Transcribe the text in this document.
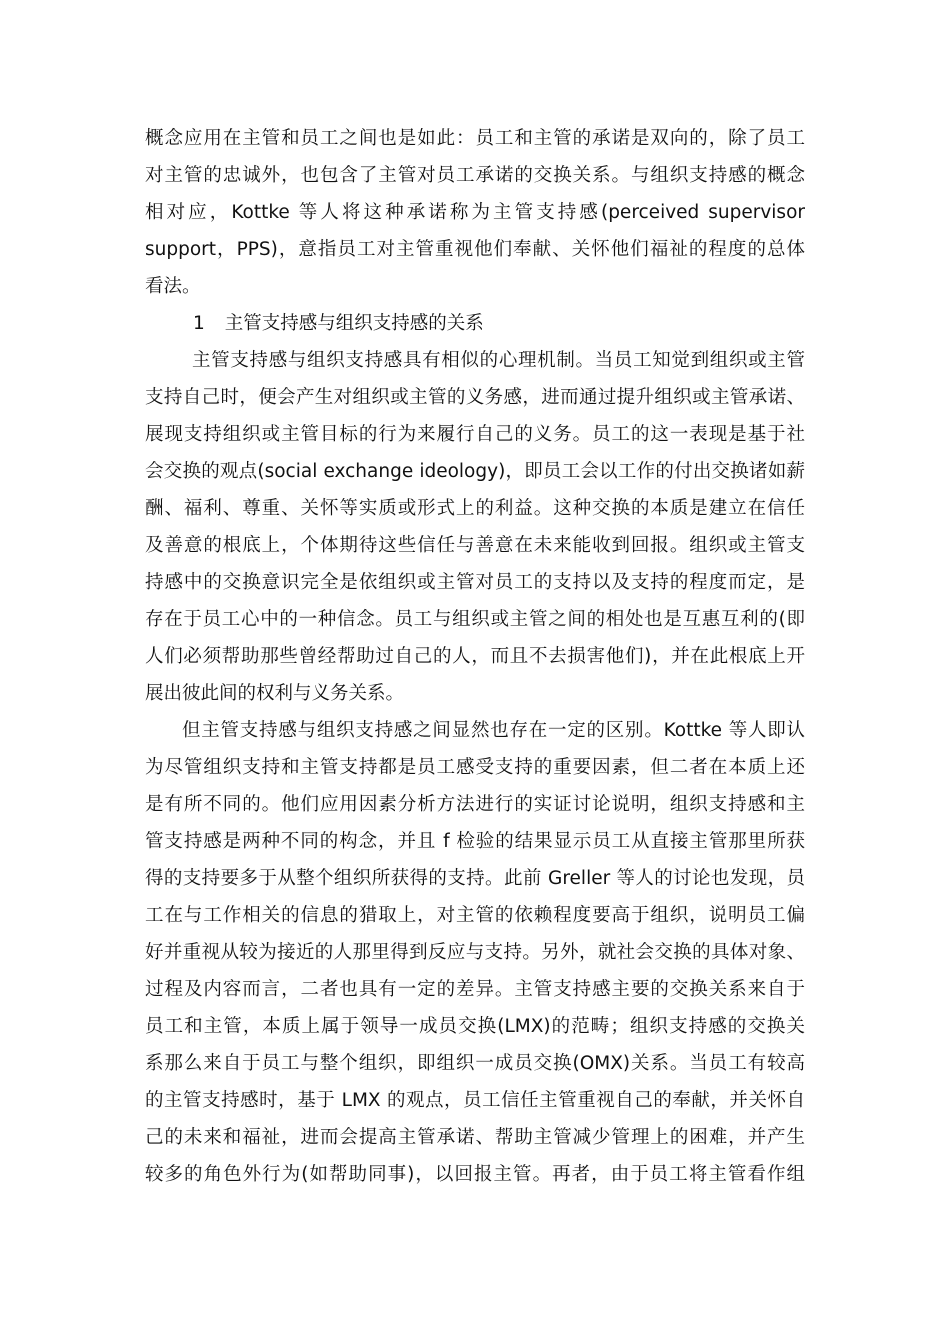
概念应用在主管和员工之间也是如此：员工和主管的承诺是双向的，除了员工
对主管的忠诚外，也包含了主管对员工承诺的交换关系。与组织支持感的概念
相对应，Kottke 等人将这种承诺称为主管支持感(perceived supervisor
support，PPS)，意指员工对主管重视他们奉献、关怀他们福祉的程度的总体
看法。
1 主管支持感与组织支持感的关系
主管支持感与组织支持感具有相似的心理机制。当员工知觉到组织或主管
支持自己时，便会产生对组织或主管的义务感，进而通过提升组织或主管承诺、
展现支持组织或主管目标的行为来履行自己的义务。员工的这一表现是基于社
会交换的观点(social exchange ideology)，即员工会以工作的付出交换诸如薪
酬、福利、尊重、关怀等实质或形式上的利益。这种交换的本质是建立在信任
及善意的根底上，个体期待这些信任与善意在未来能收到回报。组织或主管支
持感中的交换意识完全是依组织或主管对员工的支持以及支持的程度而定，是
存在于员工心中的一种信念。员工与组织或主管之间的相处也是互惠互利的(即
人们必须帮助那些曾经帮助过自己的人，而且不去损害他们)，并在此根底上开
展出彼此间的权利与义务关系。
但主管支持感与组织支持感之间显然也存在一定的区别。Kottke 等人即认
为尽管组织支持和主管支持都是员工感受支持的重要因素，但二者在本质上还
是有所不同的。他们应用因素分析方法进行的实证讨论说明，组织支持感和主
管支持感是两种不同的构念，并且 f 检验的结果显示员工从直接主管那里所获
得的支持要多于从整个组织所获得的支持。此前 Greller 等人的讨论也发现，员
工在与工作相关的信息的猎取上，对主管的依赖程度要高于组织，说明员工偏
好并重视从较为接近的人那里得到反应与支持。另外，就社会交换的具体对象、
过程及内容而言，二者也具有一定的差异。主管支持感主要的交换关系来自于
员工和主管，本质上属于领导一成员交换(LMX)的范畴；组织支持感的交换关
系那么来自于员工与整个组织，即组织一成员交换(OMX)关系。当员工有较高
的主管支持感时，基于 LMX 的观点，员工信任主管重视自己的奉献，并关怀自
己的未来和福祉，进而会提高主管承诺、帮助主管减少管理上的困难，并产生
较多的角色外行为(如帮助同事)，以回报主管。再者，由于员工将主管看作组
